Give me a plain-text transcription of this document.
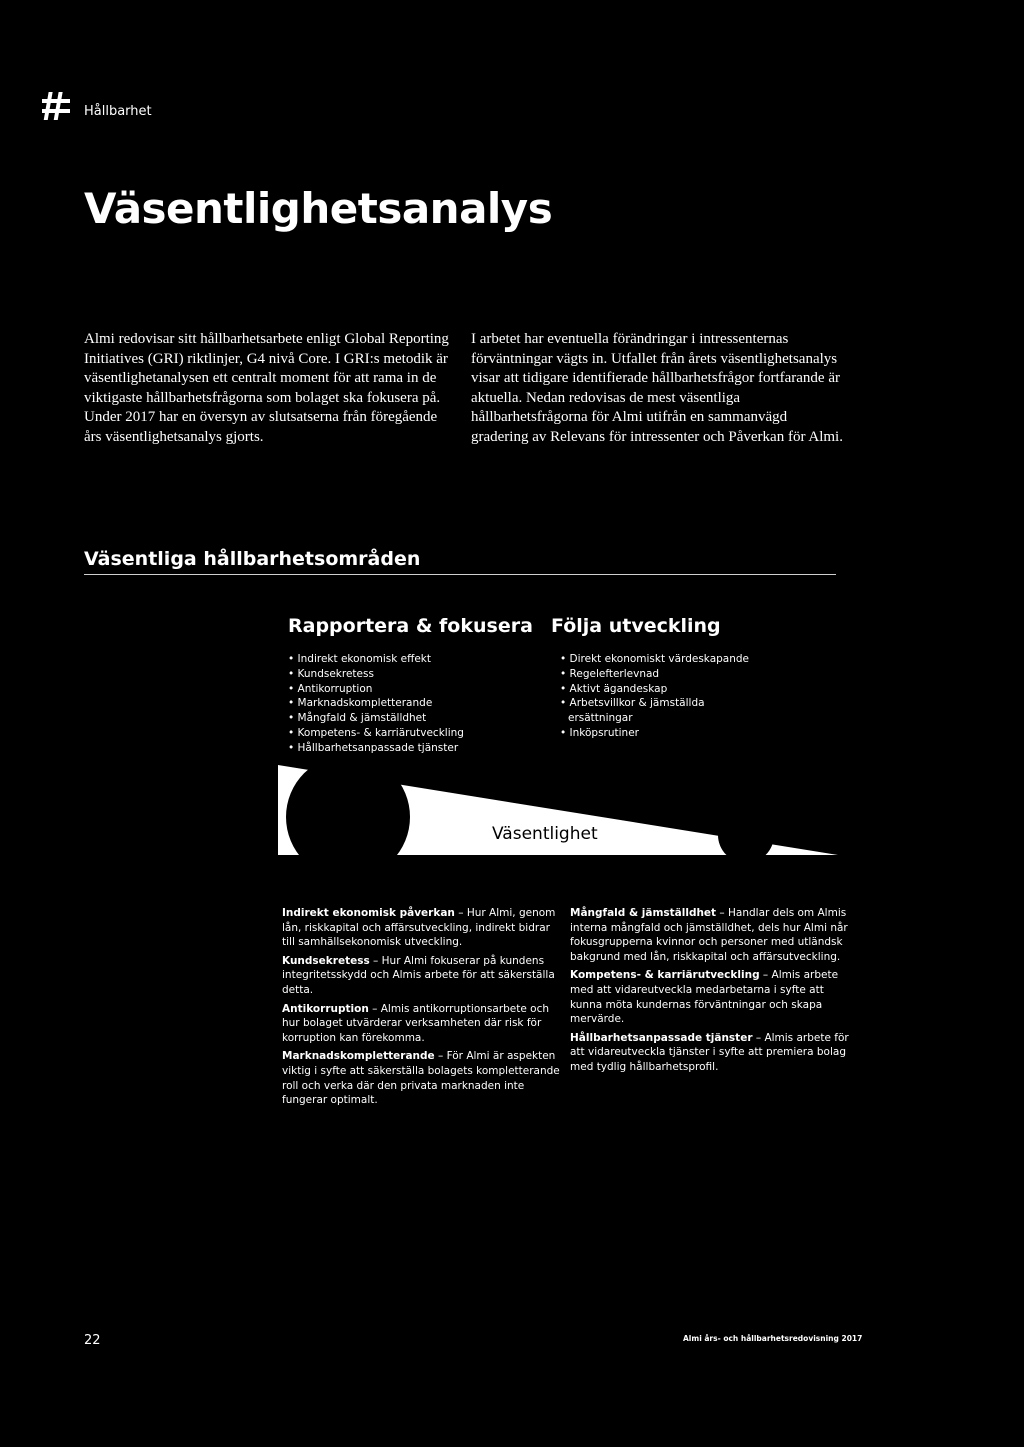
Hållbarhet
Väsentlighetsanalys

Almi redovisar sitt hållbarhetsarbete enligt Global Reporting Initiatives (GRI) riktlinjer, G4 nivå Core. I GRI:s metodik är väsentlighetanalysen ett centralt moment för att rama in de viktigaste hållbarhetsfrågorna som bolaget ska fokusera på. Under 2017 har en översyn av slutsatserna från föregående års väsentlighetsanalys gjorts.

I arbetet har eventuella förändringar i intressenternas förväntningar vägts in. Utfallet från årets väsentlighetsanalys visar att tidigare identifierade hållbarhetsfrågor fortfarande är aktuella. Nedan redovisas de mest väsentliga hållbarhetsfrågorna för Almi utifrån en sammanvägd gradering av Relevans för intressenter och Påverkan för Almi.

Väsentliga hållbarhetsområden
Rapportera & fokusera Följa utveckling
• Indirekt ekonomisk effekt
• Kundsekretess
• Antikorruption
• Marknadskompletterande
• Mångfald & jämställdhet
• Kompetens- & karriärutveckling
• Hållbarhetsanpassade tjänster
• Direkt ekonomiskt värdeskapande
• Regelefterlevnad
• Aktivt ägandeskap
• Arbetsvillkor & jämställda ersättningar
• Inköpsrutiner
Väsentlighet

Indirekt ekonomisk påverkan – Hur Almi, genom lån, riskkapital och affärsutveckling, indirekt bidrar till samhällsekonomisk utveckling.

Kundsekretess – Hur Almi fokuserar på kundens integritetsskydd och Almis arbete för att säkerställa detta.

Antikorruption – Almis antikorruptionsarbete och hur bolaget utvärderar verksamheten där risk för korruption kan förekomma.

Marknadskompletterande – För Almi är aspekten viktig i syfte att säkerställa bolagets kompletterande roll och verka där den privata marknaden inte fungerar optimalt.

Mångfald & jämställdhet – Handlar dels om Almis interna mångfald och jämställdhet, dels hur Almi når fokusgrupperna kvinnor och personer med utländsk bakgrund med lån, riskkapital och affärsutveckling.

Kompetens- & karriärutveckling – Almis arbete med att vidareutveckla medarbetarna i syfte att kunna möta kundernas förväntningar och skapa mervärde.

Hållbarhetsanpassade tjänster – Almis arbete för att vidareutveckla tjänster i syfte att premiera bolag med tydlig hållbarhetsprofil.

22	Almi års- och hållbarhetsredovisning 2017
